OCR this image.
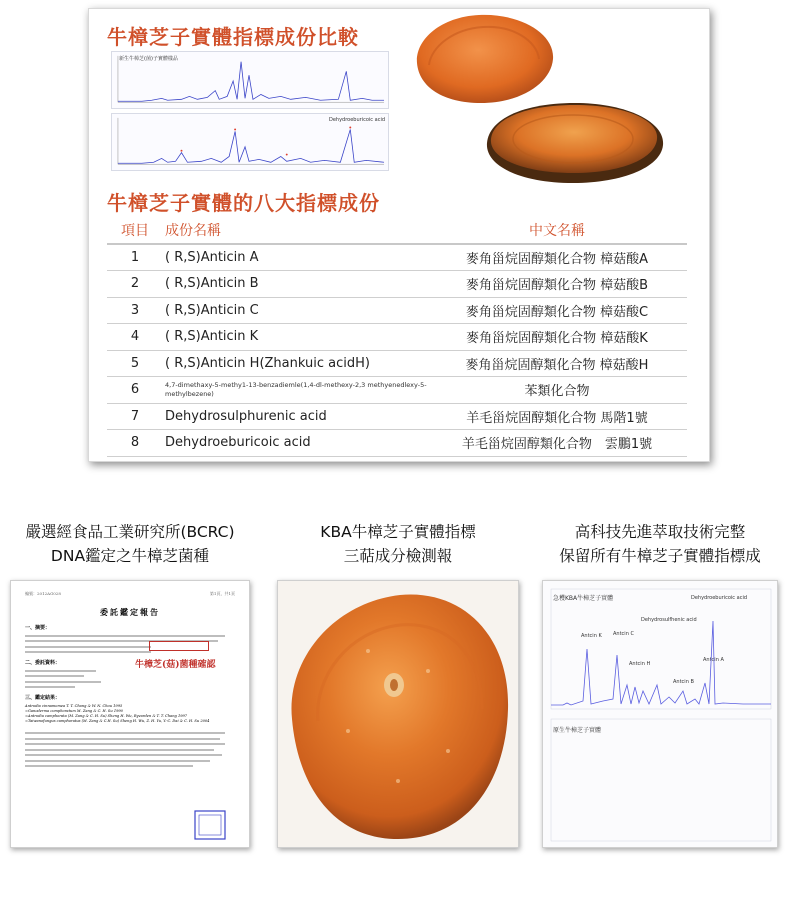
牛樟芝子實體指標成份比較
新生牛樟芝(菌)子實體樣品
Dehydroeburicoic acid
牛樟芝子實體的八大指標成份
項目	成份名稱	中文名稱
1	( R,S)Anticin A	麥角甾烷固醇類化合物 樟菇酸A
2	( R,S)Anticin B	麥角甾烷固醇類化合物 樟菇酸B
3	( R,S)Anticin C	麥角甾烷固醇類化合物 樟菇酸C
4	( R,S)Anticin K	麥角甾烷固醇類化合物 樟菇酸K
5	( R,S)Anticin H(Zhankuic acidH)	麥角甾烷固醇類化合物 樟菇酸H
6	4,7-dimethaxy-5-methy1-13-benzadiemle(1,4-dl-methexy-2,3 methyenedlexy-5-methylbezene)	苯類化合物
7	Dehydrosulphurenic acid	羊毛甾烷固醇類化合物 馬階1號
8	Dehydroeburicoic acid	羊毛甾烷固醇類化合物　雲鵬1號
嚴選經食品工業研究所(BCRC)
DNA鑑定之牛樟芝菌種
KBA牛樟芝子實體指標
三萜成分檢測報
高科技先進萃取技術完整
保留所有牛樟芝子實體指標成
編號：2012AG028	第1頁，共1頁
委託鑑定報告
一、摘要：
二、委託資料：
三、鑑定結果：
Antrodia cinnamomea T. T. Chang & W. N. Chou 1995
=Ganoderma comphoratum M. Zang & C. H. Su 1990
=Antrodia camphorata (M. Zang & C. H. Su) Sheng H. Wu, Ryvarden & T. T. Chang 1997
=Taiwanofungus camphoratus (M. Zang & C.H. Su) Sheng H. Wu, Z. H. Yu, Y.-C. Dai & C. H. Su 2004
牛樟芝(菇)菌種確認
急穫KBA牛樟芝子實體
Antcin K Antcin C
Dehydrosulfhenic acid
Antcin H
Antcin B
Antcin A
Dehydroeburicoic acid
原生牛樟芝子實體
